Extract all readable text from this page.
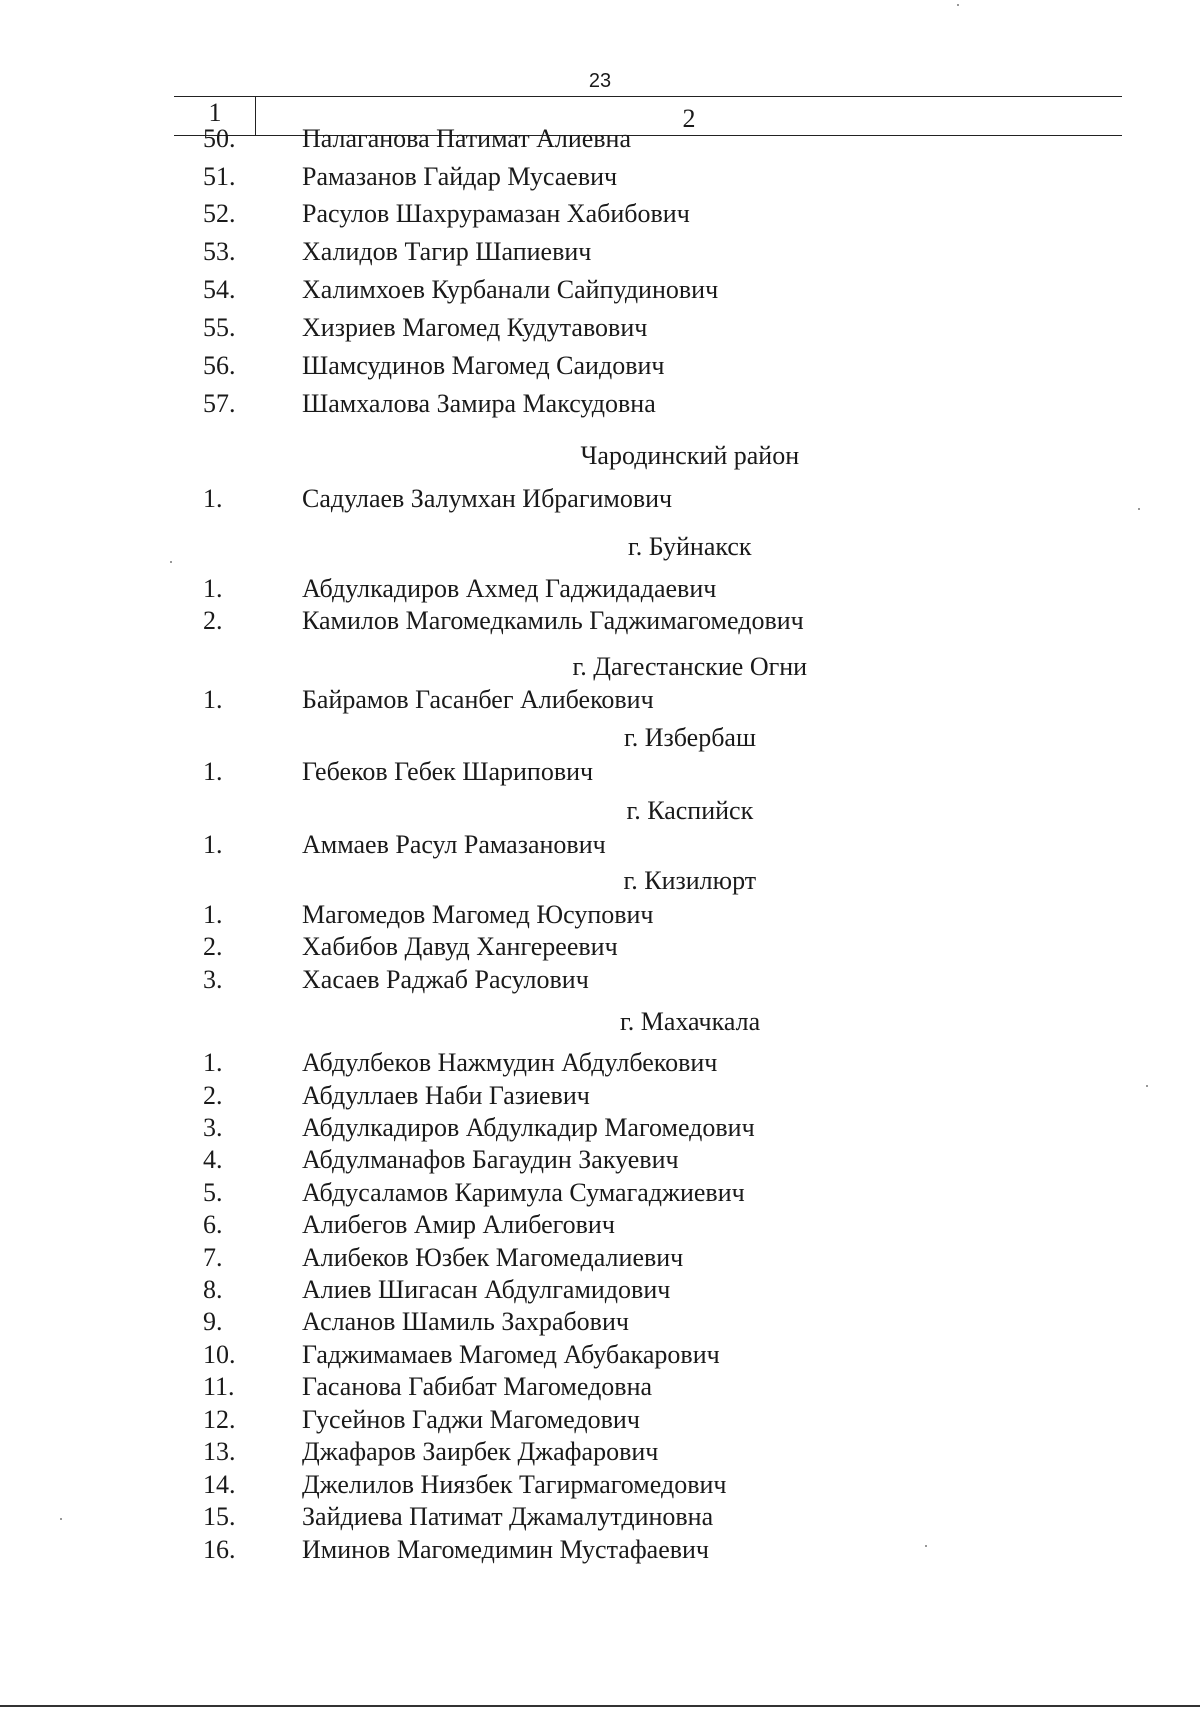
23
1	2
50.	Палаганова Патимат Алиевна
51.	Рамазанов Гайдар Мусаевич
52.	Расулов Шахрурамазан Хабибович
53.	Халидов Тагир Шапиевич
54.	Халимхоев Курбанали Сайпудинович
55.	Хизриев Магомед Кудутавович
56.	Шамсудинов Магомед Саидович
57.	Шамхалова Замира Максудовна
Чародинский район
1.	Садулаев Залумхан Ибрагимович
г. Буйнакск
1.	Абдулкадиров Ахмед Гаджидадаевич
2.	Камилов Магомедкамиль Гаджимагомедович
г. Дагестанские Огни
1.	Байрамов Гасанбег Алибекович
г. Избербаш
1.	Гебеков Гебек Шарипович
г. Каспийск
1.	Аммаев Расул Рамазанович
г. Кизилюрт
1.	Магомедов Магомед Юсупович
2.	Хабибов Давуд Хангереевич
3.	Хасаев Раджаб Расулович
г. Махачкала
1.	Абдулбеков Нажмудин Абдулбекович
2.	Абдуллаев Наби Газиевич
3.	Абдулкадиров Абдулкадир Магомедович
4.	Абдулманафов Багаудин Закуевич
5.	Абдусаламов Каримула Сумагаджиевич
6.	Алибегов Амир Алибегович
7.	Алибеков Юзбек Магомедалиевич
8.	Алиев Шигасан Абдулгамидович
9.	Асланов Шамиль Захрабович
10.	Гаджимамаев Магомед Абубакарович
11.	Гасанова Габибат Магомедовна
12.	Гусейнов Гаджи Магомедович
13.	Джафаров Заирбек Джафарович
14.	Джелилов Ниязбек Тагирмагомедович
15.	Зайдиева Патимат Джамалутдиновна
16.	Иминов Магомедимин Мустафаевич
